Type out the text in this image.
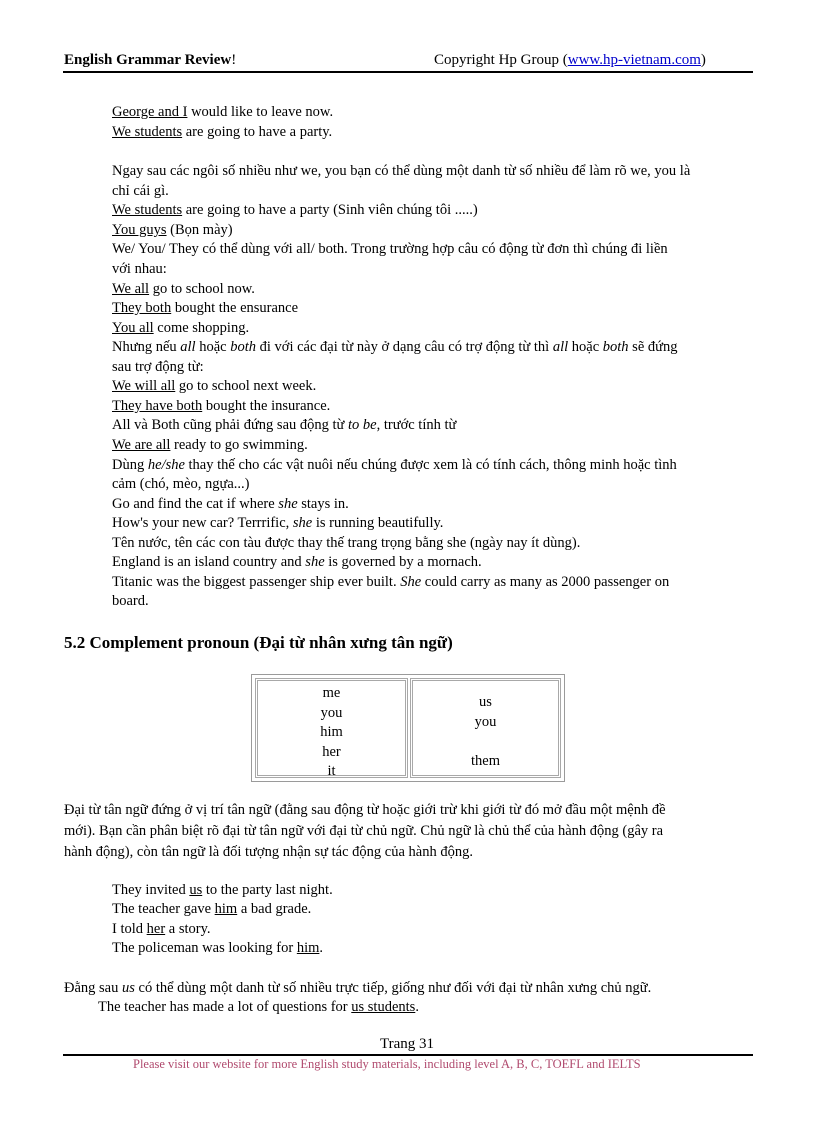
English Grammar Review!	Copyright Hp Group (www.hp-vietnam.com)
George and I would like to leave now.
We students are going to have a party.
Ngay sau các ngôi số nhiều như we, you bạn có thể dùng một danh từ số nhiều để làm rõ we, you là
chỉ cái gì.
We students are going to have a party (Sinh viên chúng tôi .....)
You guys (Bọn mày)
We/ You/ They có thể dùng với all/ both. Trong trường hợp câu có động từ đơn thì chúng đi liền
với nhau:
We all go to school now.
They both bought the ensurance
You all come shopping.
Nhưng nếu all hoặc both đi với các đại từ này ở dạng câu có trợ động từ thì all hoặc both sẽ đứng
sau trợ động từ:
We will all go to school next week.
They have both bought the insurance.
All và Both cũng phải đứng sau động từ to be, trước tính từ
We are all ready to go swimming.
Dùng he/she thay thế cho các vật nuôi nếu chúng được xem là có tính cách, thông minh hoặc tình
cảm (chó, mèo, ngựa...)
Go and find the cat if where she stays in.
How's your new car? Terrrific, she is running beautifully.
Tên nước, tên các con tàu được thay thế trang trọng bằng she (ngày nay ít dùng).
England is an island country and she is governed by a mornach.
Titanic was the biggest passenger ship ever built. She could carry as many as 2000 passenger on
board.
5.2 Complement pronoun (Đại từ nhân xưng tân ngữ)
me
you
him
her
it
us
you
them
Đại từ tân ngữ đứng ở vị trí tân ngữ (đằng sau động từ hoặc giới trừ khi giới từ đó mở đầu một mệnh đề
mới). Bạn cần phân biệt rõ đại từ tân ngữ với đại từ chủ ngữ. Chủ ngữ là chủ thể của hành động (gây ra
hành động), còn tân ngữ là đối tượng nhận sự tác động của hành động.
They invited us to the party last night.
The teacher gave him a bad grade.
I told her a story.
The policeman was looking for him.
Đằng sau us có thể dùng một danh từ số nhiều trực tiếp, giống như đối với đại từ nhân xưng chủ ngữ.
The teacher has made a lot of questions for us students.
Trang 31
Please visit our website for more English study materials, including level A, B, C, TOEFL and IELTS
